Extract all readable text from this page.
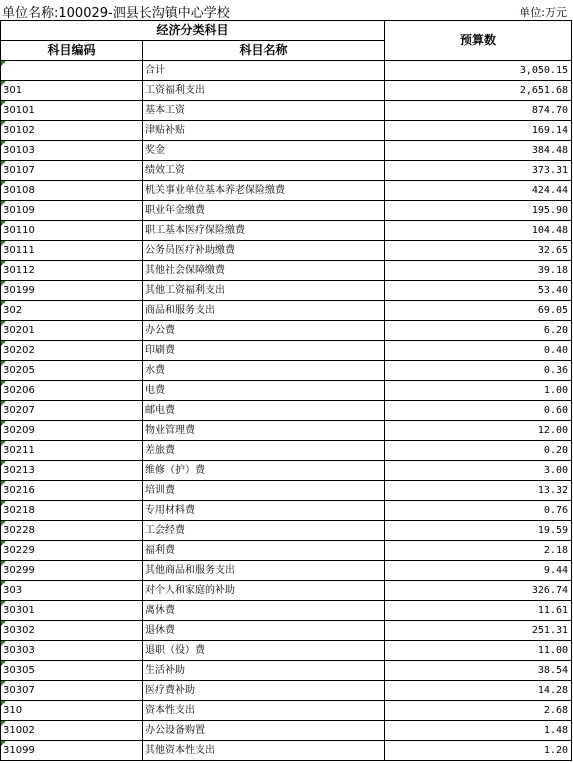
单位名称:100029-泗县长沟镇中心学校	单位:万元
经济分类科目		预算数
科目编码	科目名称	
	合计	3,050.15
301	工资福利支出	2,651.68
30101	基本工资	874.70
30102	津贴补贴	169.14
30103	奖金	384.48
30107	绩效工资	373.31
30108	机关事业单位基本养老保险缴费	424.44
30109	职业年金缴费	195.90
30110	职工基本医疗保险缴费	104.48
30111	公务员医疗补助缴费	32.65
30112	其他社会保障缴费	39.18
30199	其他工资福利支出	53.40
302	商品和服务支出	69.05
30201	办公费	6.20
30202	印刷费	0.40
30205	水费	0.36
30206	电费	1.00
30207	邮电费	0.60
30209	物业管理费	12.00
30211	差旅费	0.20
30213	维修（护）费	3.00
30216	培训费	13.32
30218	专用材料费	0.76
30228	工会经费	19.59
30229	福利费	2.18
30299	其他商品和服务支出	9.44
303	对个人和家庭的补助	326.74
30301	离休费	11.61
30302	退休费	251.31
30303	退职（役）费	11.00
30305	生活补助	38.54
30307	医疗费补助	14.28
310	资本性支出	2.68
31002	办公设备购置	1.48
31099	其他资本性支出	1.20
